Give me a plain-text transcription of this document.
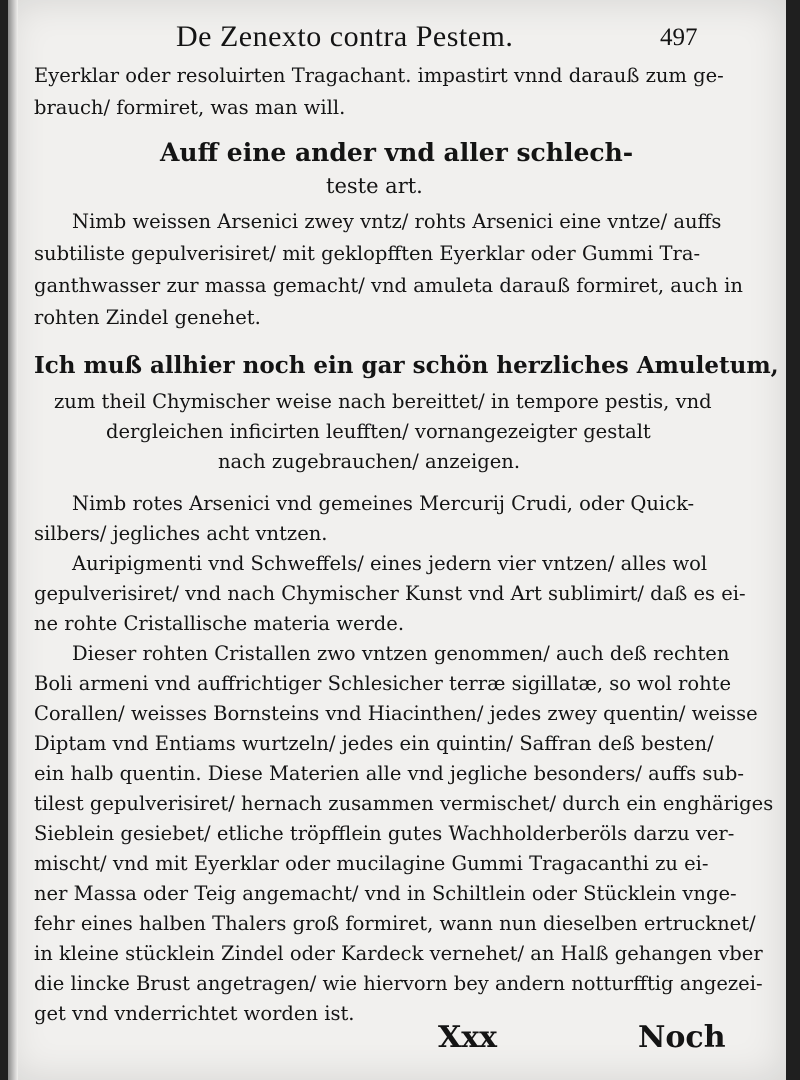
De Zenexto contra Pestem.	497
Eyerklar oder resoluirten Tragachant. impastirt vnnd darauß zum ge-
brauch/ formiret, was man will.
Auff eine ander vnd aller schlech-
teste art.
Nimb weissen Arsenici zwey vntz/ rohts Arsenici eine vntze/ auffs
subtiliste gepulverisiret/ mit geklopfften Eyerklar oder Gummi Tra-
ganthwasser zur massa gemacht/ vnd amuleta darauß formiret, auch in
rohten Zindel genehet.
Ich muß allhier noch ein gar schön herzliches Amuletum,
zum theil Chymischer weise nach bereittet/ in tempore pestis, vnd
dergleichen inficirten leufften/ vornangezeigter gestalt
nach zugebrauchen/ anzeigen.
Nimb rotes Arsenici vnd gemeines Mercurij Crudi, oder Quick-
silbers/ jegliches acht vntzen.
Auripigmenti vnd Schweffels/ eines jedern vier vntzen/ alles wol
gepulverisiret/ vnd nach Chymischer Kunst vnd Art sublimirt/ daß es ei-
ne rohte Cristallische materia werde.
Dieser rohten Cristallen zwo vntzen genommen/ auch deß rechten
Boli armeni vnd auffrichtiger Schlesicher terræ sigillatæ, so wol rohte
Corallen/ weisses Bornsteins vnd Hiacinthen/ jedes zwey quentin/ weisse
Diptam vnd Entiams wurtzeln/ jedes ein quintin/ Saffran deß besten/
ein halb quentin. Diese Materien alle vnd jegliche besonders/ auffs sub-
tilest gepulverisiret/ hernach zusammen vermischet/ durch ein enghäriges
Sieblein gesiebet/ etliche tröpfflein gutes Wachholderberöls darzu ver-
mischt/ vnd mit Eyerklar oder mucilagine Gummi Tragacanthi zu ei-
ner Massa oder Teig angemacht/ vnd in Schiltlein oder Stücklein vnge-
fehr eines halben Thalers groß formiret, wann nun dieselben ertrucknet/
in kleine stücklein Zindel oder Kardeck vernehet/ an Halß gehangen vber
die lincke Brust angetragen/ wie hiervorn bey andern notturfftig angezei-
get vnd vnderrichtet worden ist.
Xxx	Noch
